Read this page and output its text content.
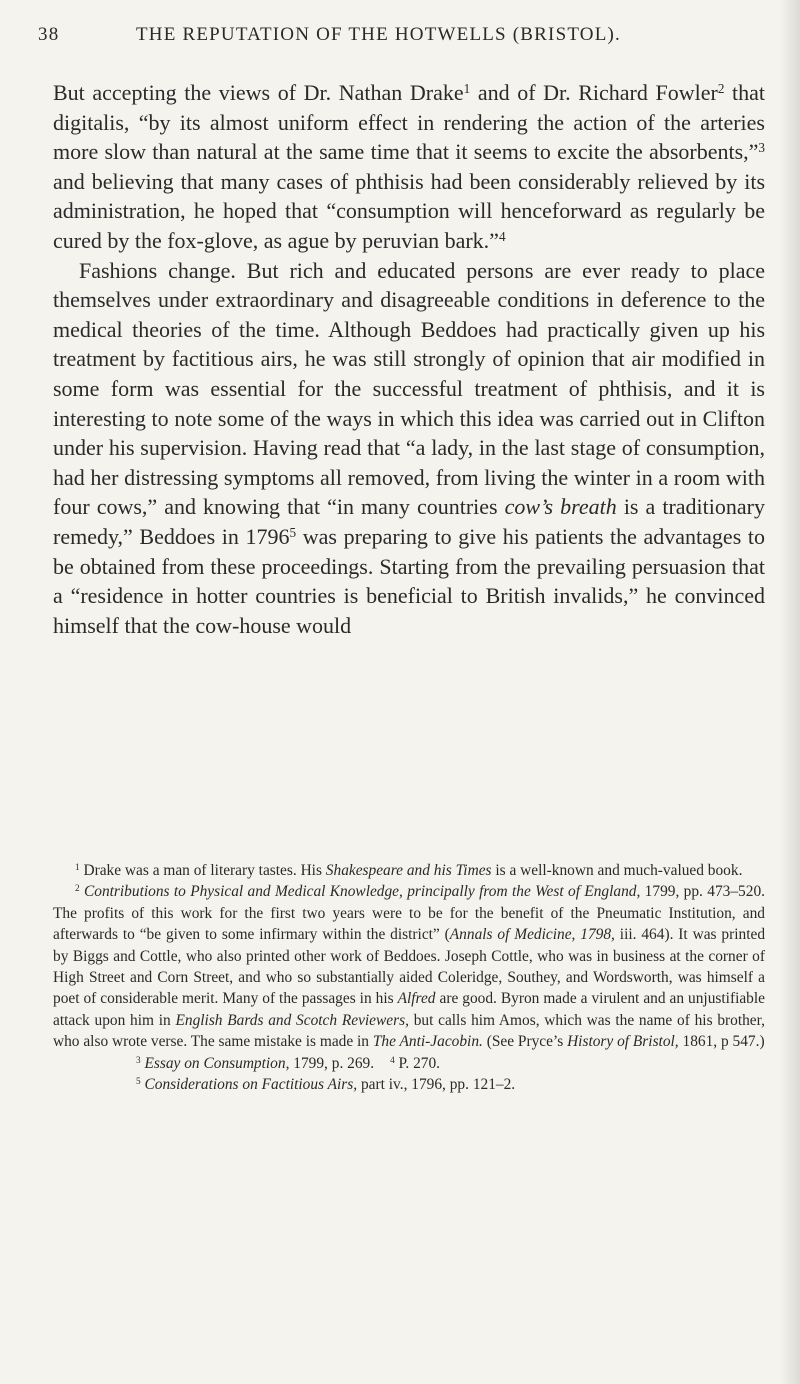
38	THE REPUTATION OF THE HOTWELLS (BRISTOL).

But accepting the views of Dr. Nathan Drake$^1$ and of Dr. Richard Fowler$^2$ that digitalis, “by its almost uniform effect in rendering the action of the arteries more slow than natural at the same time that it seems to excite the absorbents,”$^3$ and believing that many cases of phthisis had been considerably relieved by its administration, he hoped that “consumption will henceforward as regularly be cured by the fox-glove, as ague by peruvian bark.”$^4$

Fashions change. But rich and educated persons are ever ready to place themselves under extraordinary and disagreeable conditions in deference to the medical theories of the time. Although Beddoes had practically given up his treatment by factitious airs, he was still strongly of opinion that air modified in some form was essential for the successful treatment of phthisis, and it is interesting to note some of the ways in which this idea was carried out in Clifton under his supervision. Having read that “a lady, in the last stage of consumption, had her distressing symptoms all removed, from living the winter in a room with four cows,” and knowing that “in many countries cow’s breath is a traditionary remedy,” Beddoes in 1796$^5$ was preparing to give his patients the advantages to be obtained from these proceedings. Starting from the prevailing persuasion that a “residence in hotter countries is beneficial to British invalids,” he convinced himself that the cow-house would

$^1$ Drake was a man of literary tastes. His Shakespeare and his Times is a well-known and much-valued book.

$^2$ Contributions to Physical and Medical Knowledge, principally from the West of England, 1799, pp. 473–520. The profits of this work for the first two years were to be for the benefit of the Pneumatic Institution, and afterwards to “be given to some infirmary within the district” (Annals of Medicine, 1798, iii. 464). It was printed by Biggs and Cottle, who also printed other work of Beddoes. Joseph Cottle, who was in business at the corner of High Street and Corn Street, and who so substantially aided Coleridge, Southey, and Wordsworth, was himself a poet of considerable merit. Many of the passages in his Alfred are good. Byron made a virulent and an unjustifiable attack upon him in English Bards and Scotch Reviewers, but calls him Amos, which was the name of his brother, who also wrote verse. The same mistake is made in The Anti-Jacobin. (See Pryce’s History of Bristol, 1861, p 547.)

$^3$ Essay on Consumption, 1799, p. 269. $^4$ P. 270.

$^5$ Considerations on Factitious Airs, part iv., 1796, pp. 121–2.
